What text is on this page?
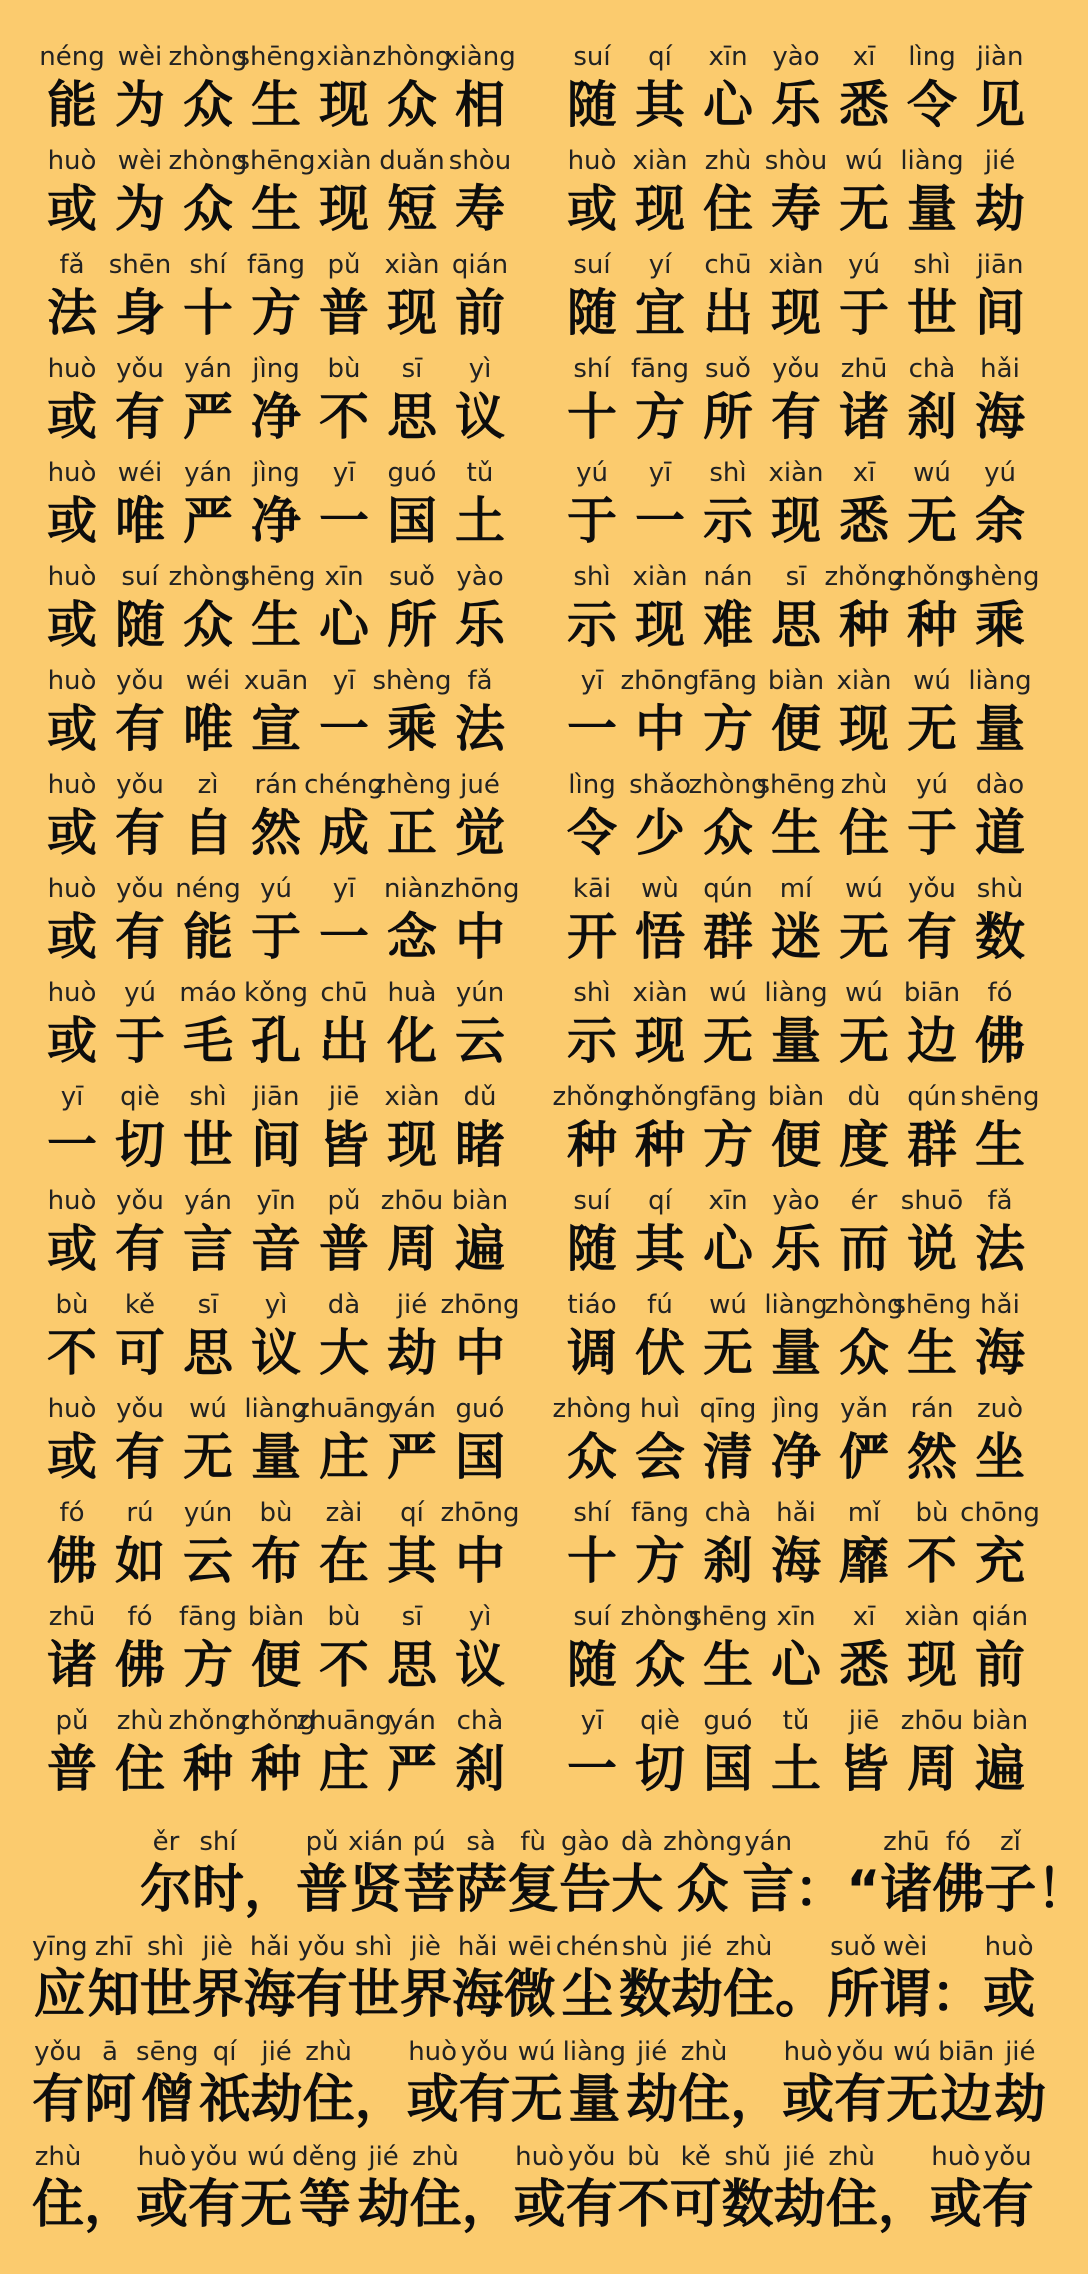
néng
能
wèi
为
zhòng
众
shēng
生
xiàn
现
zhòng
众
xiàng
相
suí
随
qí
其
xīn
心
yào
乐
xī
悉
lìng
令
jiàn
见
huò
或
wèi
为
zhòng
众
shēng
生
xiàn
现
duǎn
短
shòu
寿
huò
或
xiàn
现
zhù
住
shòu
寿
wú
无
liàng
量
jié
劫
fǎ
法
shēn
身
shí
十
fāng
方
pǔ
普
xiàn
现
qián
前
suí
随
yí
宜
chū
出
xiàn
现
yú
于
shì
世
jiān
间
huò
或
yǒu
有
yán
严
jìng
净
bù
不
sī
思
yì
议
shí
十
fāng
方
suǒ
所
yǒu
有
zhū
诸
chà
刹
hǎi
海
huò
或
wéi
唯
yán
严
jìng
净
yī
一
guó
国
tǔ
土
yú
于
yī
一
shì
示
xiàn
现
xī
悉
wú
无
yú
余
huò
或
suí
随
zhòng
众
shēng
生
xīn
心
suǒ
所
yào
乐
shì
示
xiàn
现
nán
难
sī
思
zhǒng
种
zhǒng
种
shèng
乘
huò
或
yǒu
有
wéi
唯
xuān
宣
yī
一
shèng
乘
fǎ
法
yī
一
zhōng
中
fāng
方
biàn
便
xiàn
现
wú
无
liàng
量
huò
或
yǒu
有
zì
自
rán
然
chéng
成
zhèng
正
jué
觉
lìng
令
shǎo
少
zhòng
众
shēng
生
zhù
住
yú
于
dào
道
huò
或
yǒu
有
néng
能
yú
于
yī
一
niàn
念
zhōng
中
kāi
开
wù
悟
qún
群
mí
迷
wú
无
yǒu
有
shù
数
huò
或
yú
于
máo
毛
kǒng
孔
chū
出
huà
化
yún
云
shì
示
xiàn
现
wú
无
liàng
量
wú
无
biān
边
fó
佛
yī
一
qiè
切
shì
世
jiān
间
jiē
皆
xiàn
现
dǔ
睹
zhǒng
种
zhǒng
种
fāng
方
biàn
便
dù
度
qún
群
shēng
生
huò
或
yǒu
有
yán
言
yīn
音
pǔ
普
zhōu
周
biàn
遍
suí
随
qí
其
xīn
心
yào
乐
ér
而
shuō
说
fǎ
法
bù
不
kě
可
sī
思
yì
议
dà
大
jié
劫
zhōng
中
tiáo
调
fú
伏
wú
无
liàng
量
zhòng
众
shēng
生
hǎi
海
huò
或
yǒu
有
wú
无
liàng
量
zhuāng
庄
yán
严
guó
国
zhòng
众
huì
会
qīng
清
jìng
净
yǎn
俨
rán
然
zuò
坐
fó
佛
rú
如
yún
云
bù
布
zài
在
qí
其
zhōng
中
shí
十
fāng
方
chà
刹
hǎi
海
mǐ
靡
bù
不
chōng
充
zhū
诸
fó
佛
fāng
方
biàn
便
bù
不
sī
思
yì
议
suí
随
zhòng
众
shēng
生
xīn
心
xī
悉
xiàn
现
qián
前
pǔ
普
zhù
住
zhǒng
种
zhǒng
种
zhuāng
庄
yán
严
chà
刹
yī
一
qiè
切
guó
国
tǔ
土
jiē
皆
zhōu
周
biàn
遍
ěr
尔
shí
时 ，
pǔ
普
xián
贤
pú
菩
sà
萨
fù
复
gào
告
dà
大
zhòng
众
yán
言 ：“
zhū
诸
fó
佛
zǐ
子 ！
yīng
应
zhī
知
shì
世
jiè
界
hǎi
海
yǒu
有
shì
世
jiè
界
hǎi
海
wēi
微
chén
尘
shù
数
jié
劫
zhù
住 。
suǒ
所
wèi
谓 ：
huò
或
yǒu
有
ā
阿
sēng
僧
qí
祇
jié
劫
zhù
住 ，
huò
或
yǒu
有
wú
无
liàng
量
jié
劫
zhù
住 ，
huò
或
yǒu
有
wú
无
biān
边
jié
劫
zhù
住 ，
huò
或
yǒu
有
wú
无
děng
等
jié
劫
zhù
住 ，
huò
或
yǒu
有
bù
不
kě
可
shǔ
数
jié
劫
zhù
住 ，
huò
或
yǒu
有
